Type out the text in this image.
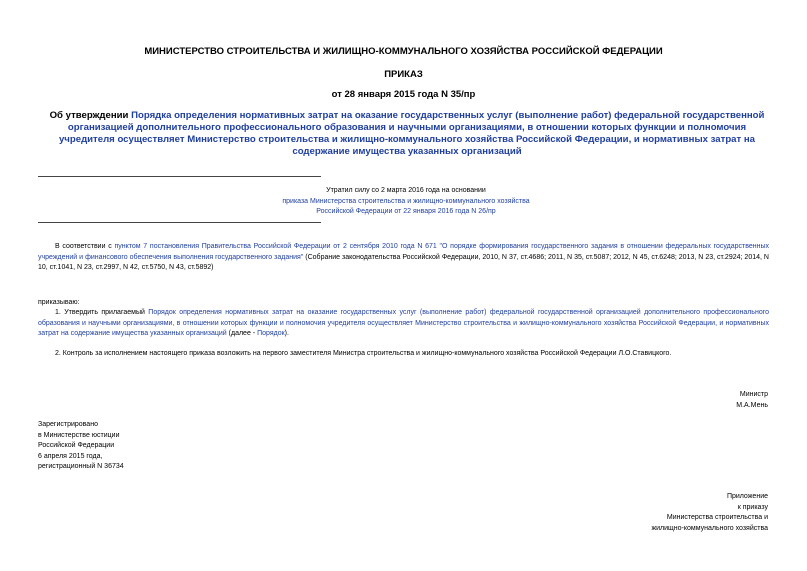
МИНИСТЕРСТВО СТРОИТЕЛЬСТВА И ЖИЛИЩНО-КОММУНАЛЬНОГО ХОЗЯЙСТВА РОССИЙСКОЙ ФЕДЕРАЦИИ
ПРИКАЗ
от 28 января 2015 года N 35/пр
Об утверждении Порядка определения нормативных затрат на оказание государственных услуг (выполнение работ) федеральной государственной организацией дополнительного профессионального образования и научными организациями, в отношении которых функции и полномочия учредителя осуществляет Министерство строительства и жилищно-коммунального хозяйства Российской Федерации, и нормативных затрат на содержание имущества указанных организаций
Утратил силу со 2 марта 2016 года на основании
приказа Министерства строительства и жилищно-коммунального хозяйства
Российской Федерации от 22 января 2016 года N 26/пр
В соответствии с пунктом 7 постановления Правительства Российской Федерации от 2 сентября 2010 года N 671 "О порядке формирования государственного задания в отношении федеральных государственных учреждений и финансового обеспечения выполнения государственного задания" (Собрание законодательства Российской Федерации, 2010, N 37, ст.4686; 2011, N 35, ст.5087; 2012, N 45, ст.6248; 2013, N 23, ст.2924; 2014, N 10, ст.1041, N 23, ст.2997, N 42, ст.5750, N 43, ст.5892)
приказываю:
1. Утвердить прилагаемый Порядок определения нормативных затрат на оказание государственных услуг (выполнение работ) федеральной государственной организацией дополнительного профессионального образования и научными организациями, в отношении которых функции и полномочия учредителя осуществляет Министерство строительства и жилищно-коммунального хозяйства Российской Федерации, и нормативных затрат на содержание имущества указанных организаций (далее - Порядок).
2. Контроль за исполнением настоящего приказа возложить на первого заместителя Министра строительства и жилищно-коммунального хозяйства Российской Федерации Л.О.Ставицкого.
Министр
М.А.Мень
Зарегистрировано
в Министерстве юстиции
Российской Федерации
6 апреля 2015 года,
регистрационный N 36734
Приложение
к приказу
Министерства строительства и
жилищно-коммунального хозяйства
